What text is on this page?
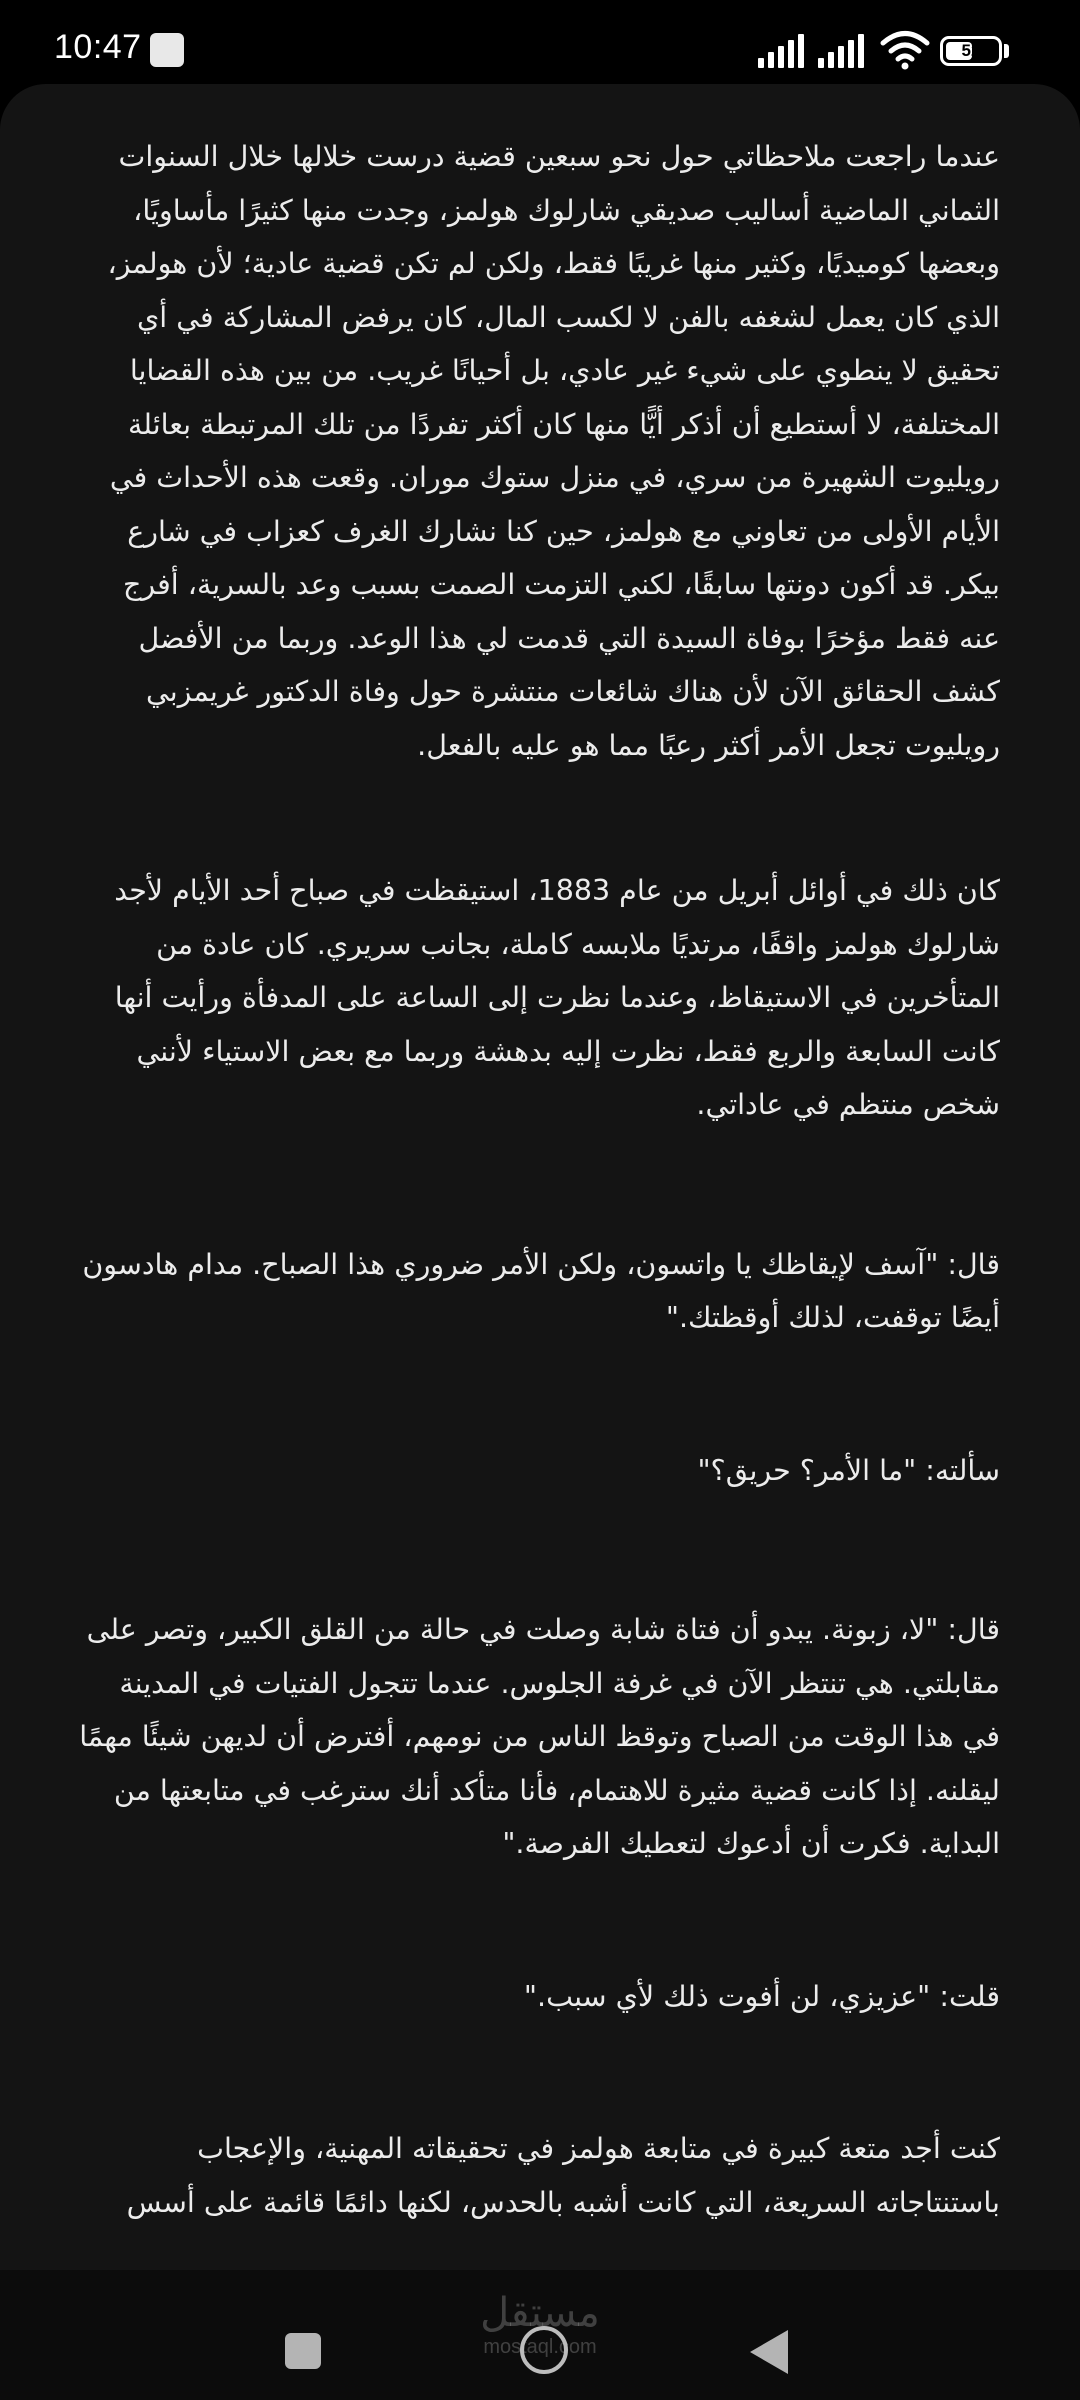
10:47	52

عندما راجعت ملاحظاتي حول نحو سبعين قضية درست خلالها خلال السنوات الثماني الماضية أساليب صديقي شارلوك هولمز، وجدت منها كثيرًا مأساويًا، وبعضها كوميديًا، وكثير منها غريبًا فقط، ولكن لم تكن قضية عادية؛ لأن هولمز، الذي كان يعمل لشغفه بالفن لا لكسب المال، كان يرفض المشاركة في أي تحقيق لا ينطوي على شيء غير عادي، بل أحيانًا غريب. من بين هذه القضايا المختلفة، لا أستطيع أن أذكر أيًّا منها كان أكثر تفردًا من تلك المرتبطة بعائلة رويليوت الشهيرة من سري، في منزل ستوك موران. وقعت هذه الأحداث في الأيام الأولى من تعاوني مع هولمز، حين كنا نشارك الغرف كعزاب في شارع بيكر. قد أكون دونتها سابقًا، لكني التزمت الصمت بسبب وعد بالسرية، أفرج عنه فقط مؤخرًا بوفاة السيدة التي قدمت لي هذا الوعد. وربما من الأفضل كشف الحقائق الآن لأن هناك شائعات منتشرة حول وفاة الدكتور غريمزبي رويليوت تجعل الأمر أكثر رعبًا مما هو عليه بالفعل.

كان ذلك في أوائل أبريل من عام 1883، استيقظت في صباح أحد الأيام لأجد شارلوك هولمز واقفًا، مرتديًا ملابسه كاملة، بجانب سريري. كان عادة من المتأخرين في الاستيقاظ، وعندما نظرت إلى الساعة على المدفأة ورأيت أنها كانت السابعة والربع فقط، نظرت إليه بدهشة وربما مع بعض الاستياء لأنني شخص منتظم في عاداتي.

قال: "آسف لإيقاظك يا واتسون، ولكن الأمر ضروري هذا الصباح. مدام هادسون أيضًا توقفت، لذلك أوقظتك."

سألته: "ما الأمر؟ حريق؟"

قال: "لا، زبونة. يبدو أن فتاة شابة وصلت في حالة من القلق الكبير، وتصر على مقابلتي. هي تنتظر الآن في غرفة الجلوس. عندما تتجول الفتيات في المدينة في هذا الوقت من الصباح وتوقظ الناس من نومهم، أفترض أن لديهن شيئًا مهمًا ليقلنه. إذا كانت قضية مثيرة للاهتمام، فأنا متأكد أنك سترغب في متابعتها من البداية. فكرت أن أدعوك لتعطيك الفرصة."

قلت: "عزيزي، لن أفوت ذلك لأي سبب."

كنت أجد متعة كبيرة في متابعة هولمز في تحقيقاته المهنية، والإعجاب باستنتاجاته السريعة، التي كانت أشبه بالحدس، لكنها دائمًا قائمة على أسس

مستقل
mostaql.com
